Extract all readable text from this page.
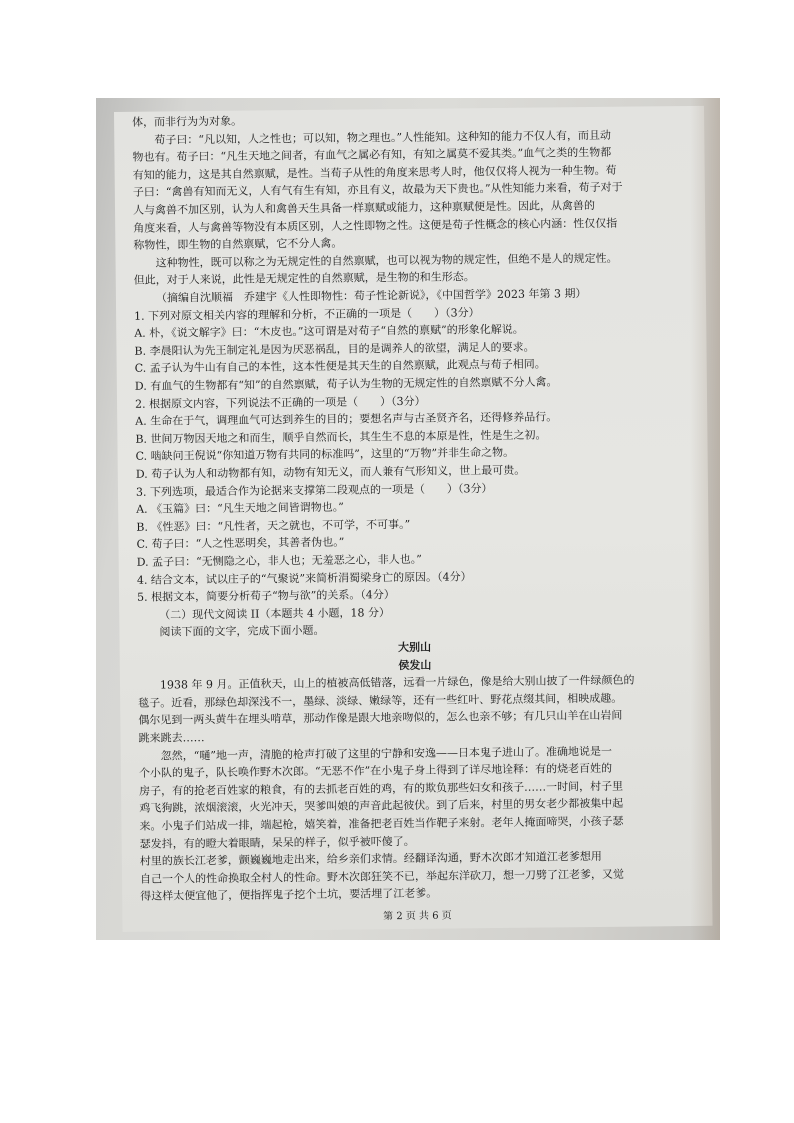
体，而非行为为对象。
荀子曰：“凡以知，人之性也；可以知，物之理也。”人性能知。这种知的能力不仅人有，而且动
物也有。荀子曰：“凡生天地之间者，有血气之属必有知，有知之属莫不爱其类。”血气之类的生物都
有知的能力，这是其自然禀赋，是性。当荀子从性的角度来思考人时，他仅仅将人视为一种生物。荀
子曰：“禽兽有知而无义，人有气有生有知，亦且有义，故最为天下贵也。”从性知能力来看，荀子对于
人与禽兽不加区别，认为人和禽兽天生具备一样禀赋或能力，这种禀赋便是性。因此，从禽兽的
角度来看，人与禽兽等物没有本质区别，人之性即物之性。这便是荀子性概念的核心内涵：性仅仅指
称物性，即生物的自然禀赋，它不分人禽。
这种物性，既可以称之为无规定性的自然禀赋，也可以视为物的规定性，但绝不是人的规定性。
但此，对于人来说，此性是无规定性的自然禀赋，是生物的和生形态。
（摘编自沈顺福　乔建宇《人性即物性：荀子性论新说》，《中国哲学》2023 年第 3 期）
1. 下列对原文相关内容的理解和分析，不正确的一项是（　　）（3分）
A. 朴，《说文解字》曰：“木皮也。”这可谓是对荀子“自然的禀赋”的形象化解说。
B. 李晨阳认为先王制定礼是因为厌恶祸乱，目的是调养人的欲望，满足人的要求。
C. 孟子认为牛山有自己的本性，这本性便是其天生的自然禀赋，此观点与荀子相同。
D. 有血气的生物都有“知”的自然禀赋，荀子认为生物的无规定性的自然禀赋不分人禽。
2. 根据原文内容，下列说法不正确的一项是（　　）（3分）
A. 生命在于气，调理血气可达到养生的目的；要想名声与古圣贤齐名，还得修养品行。
B. 世间万物因天地之和而生，顺乎自然而长，其生生不息的本原是性，性是生之初。
C. 啮缺问王倪说“你知道万物有共同的标准吗”，这里的“万物”并非生命之物。
D. 荀子认为人和动物都有知，动物有知无义，而人兼有气形知义，世上最可贵。
3. 下列选项，最适合作为论据来支撑第二段观点的一项是（　　）（3分）
A. 《玉篇》曰：“凡生天地之间皆谓物也。”
B. 《性恶》曰：“凡性者，天之就也，不可学，不可事。”
C. 荀子曰：“人之性恶明矣，其善者伪也。”
D. 孟子曰：“无恻隐之心，非人也；无羞恶之心，非人也。”
4. 结合文本，试以庄子的“气聚说”来简析涓蜀梁身亡的原因。（4分）
5. 根据文本，简要分析荀子“物与欲”的关系。（4分）
（二）现代文阅读 II（本题共 4 小题，18 分）
阅读下面的文字，完成下面小题。
大别山
侯发山
1938 年 9 月。正值秋天，山上的植被高低错落，远看一片绿色，像是给大别山披了一件绿颜色的
毯子。近看，那绿色却深浅不一，墨绿、淡绿、嫩绿等，还有一些红叶、野花点缀其间，相映成趣。
偶尔见到一两头黄牛在埋头啃草，那动作像是跟大地亲吻似的，怎么也亲不够；有几只山羊在山岩间
跳来跳去……
忽然，“嗵”地一声，清脆的枪声打破了这里的宁静和安逸——日本鬼子进山了。准确地说是一
个小队的鬼子，队长唤作野木次郎。“无恶不作”在小鬼子身上得到了详尽地诠释：有的烧老百姓的
房子，有的抢老百姓家的粮食，有的去抓老百姓的鸡，有的欺负那些妇女和孩子……一时间，村子里
鸡飞狗跳，浓烟滚滚，火光冲天，哭爹叫娘的声音此起彼伏。到了后来，村里的男女老少都被集中起
来。小鬼子们站成一排，端起枪，嬉笑着，准备把老百姓当作靶子来射。老年人掩面啼哭，小孩子瑟
瑟发抖，有的瞪大着眼睛，呆呆的样子，似乎被吓傻了。
村里的族长江老爹，颤巍巍地走出来，给乡亲们求情。经翻译沟通，野木次郎才知道江老爹想用
自己一个人的性命换取全村人的性命。野木次郎狂笑不已，举起东洋砍刀，想一刀劈了江老爹，又觉
得这样太便宜他了，便指挥鬼子挖个土坑，要活埋了江老爹。
第 2 页 共 6 页
